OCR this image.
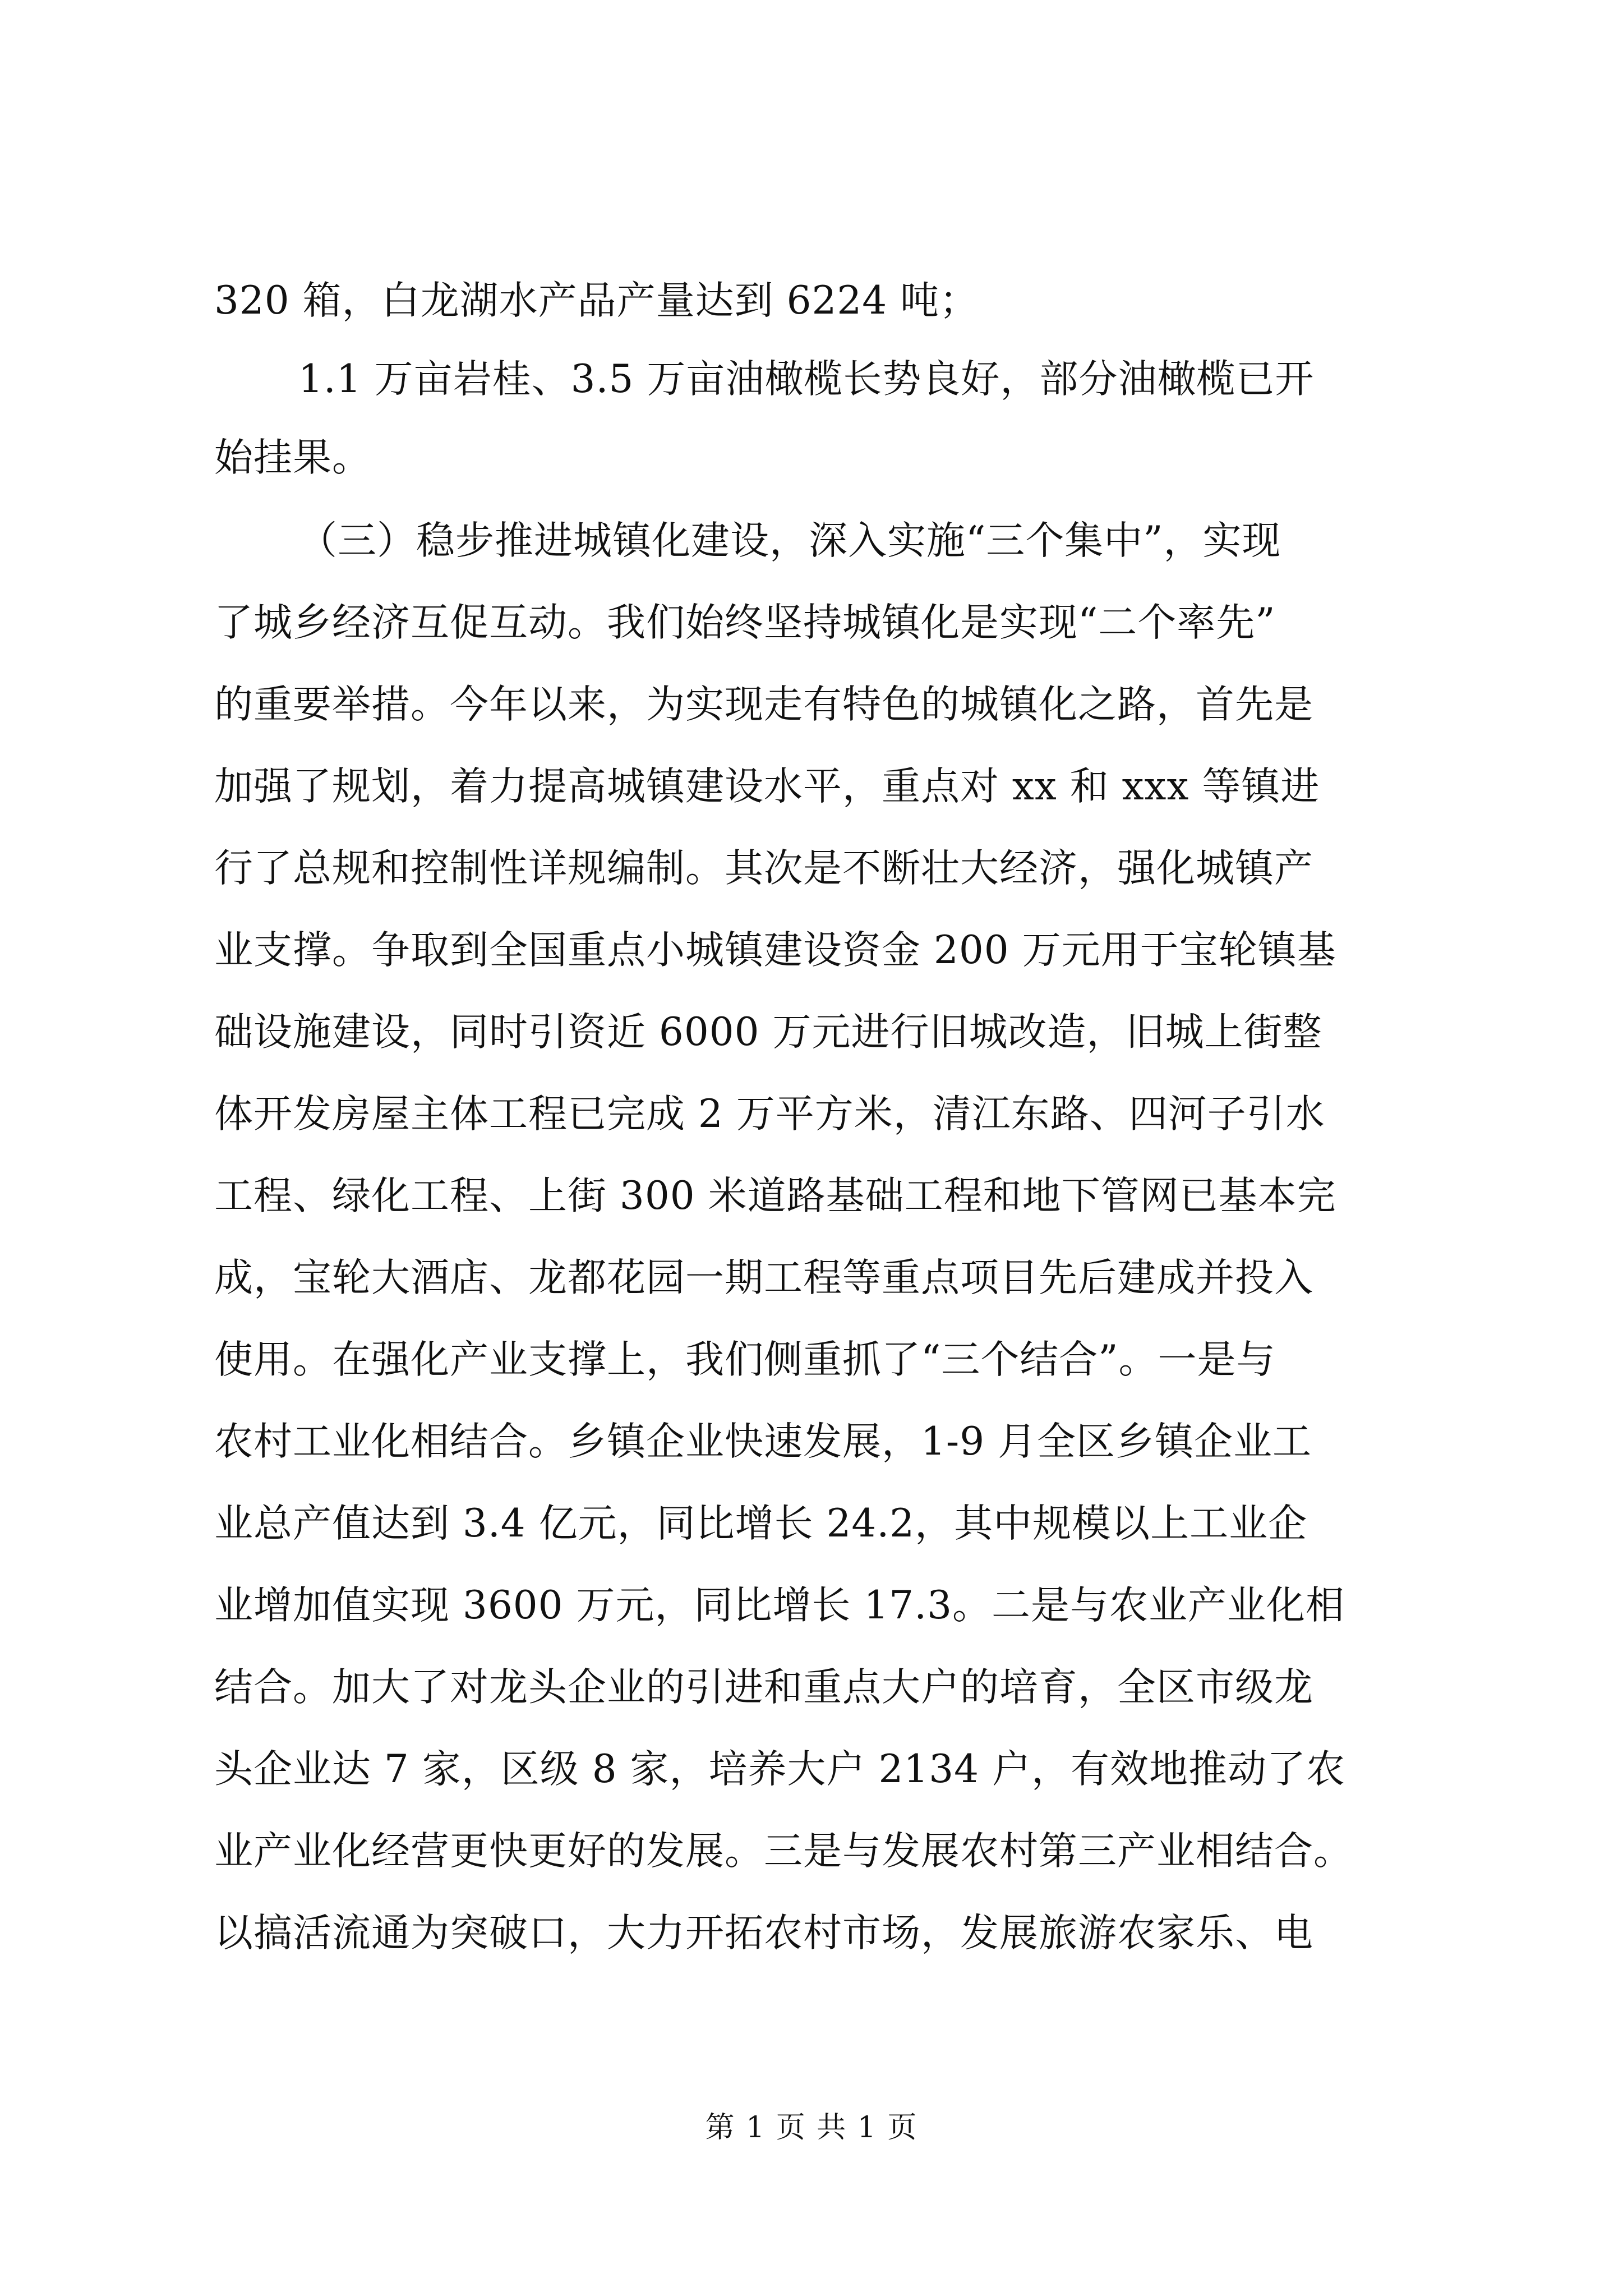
320 箱，白龙湖水产品产量达到 6224 吨；
1.1 万亩岩桂、3.5 万亩油橄榄长势良好，部分油橄榄已开
始挂果。
（三）稳步推进城镇化建设，深入实施“三个集中”，实现
了城乡经济互促互动。我们始终坚持城镇化是实现“二个率先”
的重要举措。今年以来，为实现走有特色的城镇化之路，首先是
加强了规划，着力提高城镇建设水平，重点对 xx 和 xxx 等镇进
行了总规和控制性详规编制。其次是不断壮大经济，强化城镇产
业支撑。争取到全国重点小城镇建设资金 200 万元用于宝轮镇基
础设施建设，同时引资近 6000 万元进行旧城改造，旧城上街整
体开发房屋主体工程已完成 2 万平方米，清江东路、四河子引水
工程、绿化工程、上街 300 米道路基础工程和地下管网已基本完
成，宝轮大酒店、龙都花园一期工程等重点项目先后建成并投入
使用。在强化产业支撑上，我们侧重抓了“三个结合”。一是与
农村工业化相结合。乡镇企业快速发展，1-9 月全区乡镇企业工
业总产值达到 3.4 亿元，同比增长 24.2，其中规模以上工业企
业增加值实现 3600 万元，同比增长 17.3。二是与农业产业化相
结合。加大了对龙头企业的引进和重点大户的培育，全区市级龙
头企业达 7 家，区级 8 家，培养大户 2134 户，有效地推动了农
业产业化经营更快更好的发展。三是与发展农村第三产业相结合。
以搞活流通为突破口，大力开拓农村市场，发展旅游农家乐、电
第 1 页 共 1 页
